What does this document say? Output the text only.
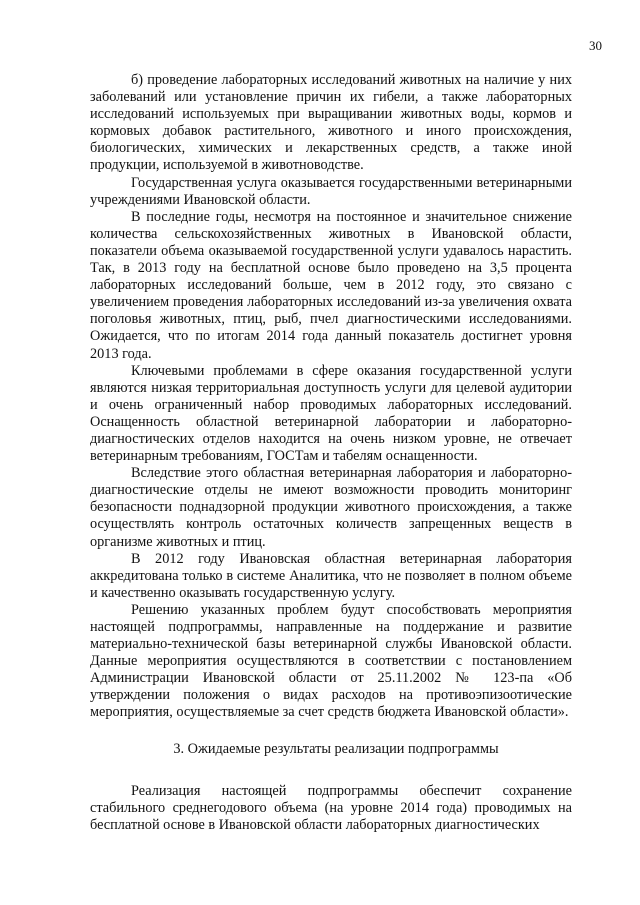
30

б) проведение лабораторных исследований животных на наличие у них заболеваний или установление причин их гибели, а также лабораторных исследований используемых при выращивании животных воды, кормов и кормовых добавок растительного, животного и иного происхождения, биологических, химических и лекарственных средств, а также иной продукции, используемой в животноводстве.

Государственная услуга оказывается государственными ветеринарными учреждениями Ивановской области.

В последние годы, несмотря на постоянное и значительное снижение количества сельскохозяйственных животных в Ивановской области, показатели объема оказываемой государственной услуги удавалось нарастить. Так, в 2013 году на бесплатной основе было проведено на 3,5 процента лабораторных исследований больше, чем в 2012 году, это связано с увеличением проведения лабораторных исследований из-за увеличения охвата поголовья животных, птиц, рыб, пчел диагностическими исследованиями. Ожидается, что по итогам 2014 года данный показатель достигнет уровня 2013 года.

Ключевыми проблемами в сфере оказания государственной услуги являются низкая территориальная доступность услуги для целевой аудитории и очень ограниченный набор проводимых лабораторных исследований. Оснащенность областной ветеринарной лаборатории и лабораторно-диагностических отделов находится на очень низком уровне, не отвечает ветеринарным требованиям, ГОСТам и табелям оснащенности.

Вследствие этого областная ветеринарная лаборатория и лабораторно-диагностические отделы не имеют возможности проводить мониторинг безопасности поднадзорной продукции животного происхождения, а также осуществлять контроль остаточных количеств запрещенных веществ в организме животных и птиц.

В 2012 году Ивановская областная ветеринарная лаборатория аккредитована только в системе Аналитика, что не позволяет в полном объеме и качественно оказывать государственную услугу.

Решению указанных проблем будут способствовать мероприятия настоящей подпрограммы, направленные на поддержание и развитие материально-технической базы ветеринарной службы Ивановской области. Данные мероприятия осуществляются в соответствии с постановлением Администрации Ивановской области от 25.11.2002 № 123-па «Об утверждении положения о видах расходов на противоэпизоотические мероприятия, осуществляемые за счет средств бюджета Ивановской области».

3. Ожидаемые результаты реализации подпрограммы

Реализация настоящей подпрограммы обеспечит сохранение стабильного среднегодового объема (на уровне 2014 года) проводимых на бесплатной основе в Ивановской области лабораторных диагностических
